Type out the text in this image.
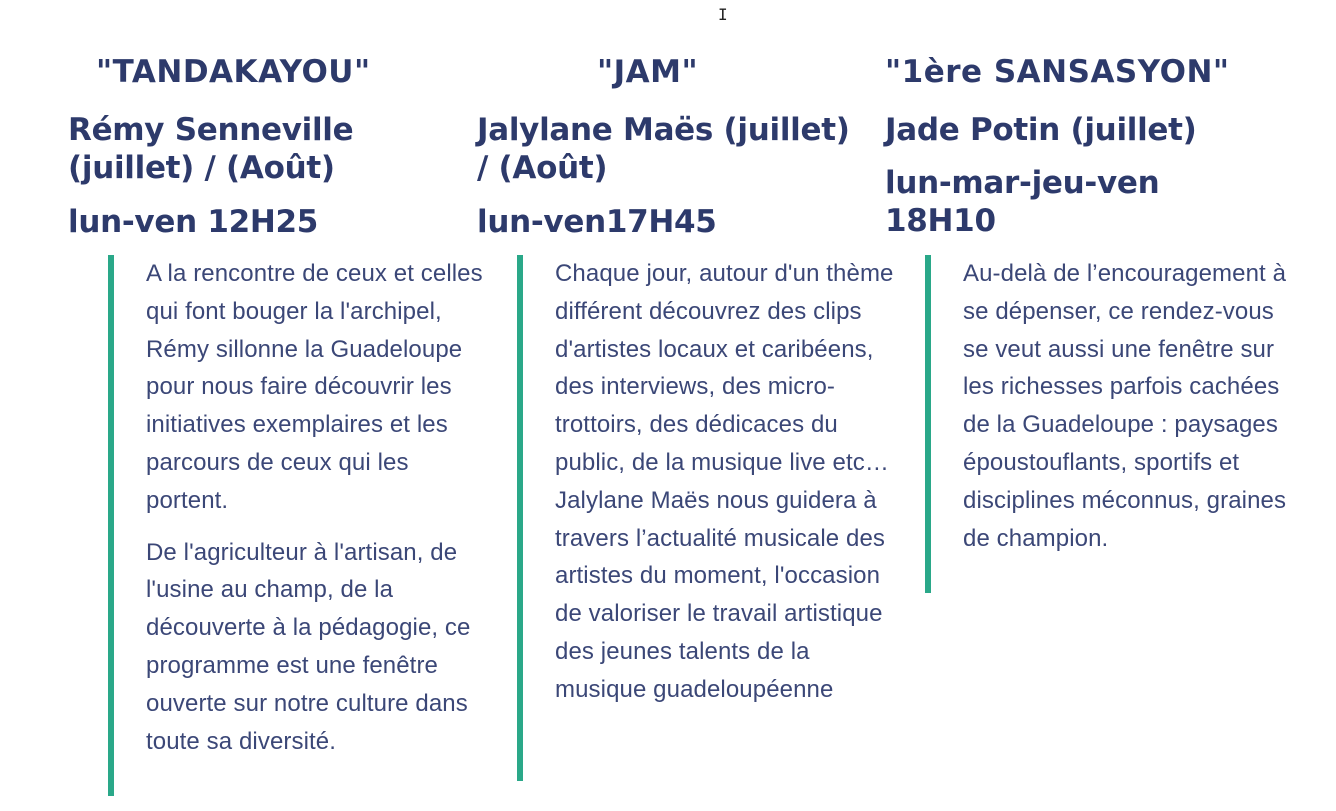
I
"TANDAKAYOU"
Rémy Senneville (juillet) / (Août)
lun-ven 12H25

A la rencontre de ceux et celles qui font bouger la l'archipel, Rémy sillonne la Guadeloupe pour nous faire découvrir les initiatives exemplaires et les parcours de ceux qui les portent.

De l'agriculteur à l'artisan, de l'usine au champ, de la découverte à la pédagogie, ce programme est une fenêtre ouverte sur notre culture dans toute sa diversité.

"JAM"
Jalylane Maës (juillet) / (Août)
lun-ven17H45

Chaque jour, autour d'un thème différent découvrez des clips d'artistes locaux et caribéens, des interviews, des micro-trottoirs, des dédicaces du public, de la musique live etc…Jalylane Maës nous guidera à travers l’actualité musicale des artistes du moment, l'occasion de valoriser le travail artistique des jeunes talents de la musique guadeloupéenne

"1ère SANSASYON"
Jade Potin (juillet)
lun-mar-jeu-ven 18H10

Au-delà de l’encouragement à se dépenser, ce rendez-vous se veut aussi une fenêtre sur les richesses parfois cachées de la Guadeloupe : paysages époustouflants, sportifs et disciplines méconnus, graines de champion.
